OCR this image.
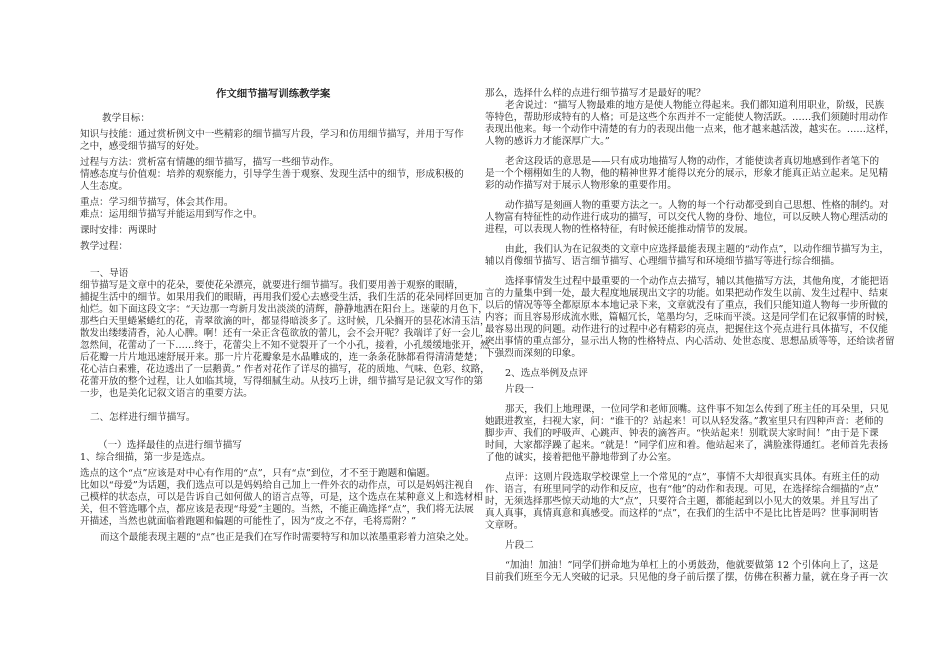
教学目标：
知识与技能：通过赏析例文中一些精彩的细节描写片段，学习和仿用细节描写，并用于写作
之中，感受细节描写的好处。
过程与方法：赏析富有情趣的细节描写，描写一些细节动作。
情感态度与价值观：培养的观察能力，引导学生善于观察、发现生活中的细节，形成积极的
人生态度。
重点：学习细节描写，体会其作用。
难点：运用细节描写并能运用到写作之中。
课时安排：两课时
教学过程：
一、导语
细节描写是文章中的花朵，要使花朵漂亮，就要进行细节描写。我们要用善于观察的眼睛，
捕捉生活中的细节。如果用我们的眼睛，再用我们爱心去感受生活，我们生活的花朵同样回更加
灿烂。如下面这段文字：“天边那一弯新月发出淡淡的清辉，静静地洒在阳台上。迷蒙的月色下，
那些白天里蜷紧蜷红的花，青翠欲滴的叶，都显得暗淡多了。这时候，几朵搁开的昙花冰清玉洁，
散发出缕缕清香，沁人心脾。啊！还有一朵正含苞欲放的蕾儿，会不会开呢？我端详了好一会儿，
忽然间，花蕾动了一下……终于，花蕾尖上不知不觉裂开了一个小孔，接着，小孔缓缓地张开，然
后花瓣一片片地迅速舒展开来。那一片片花瓣象是水晶雕成的，连一条条花脉都看得清清楚楚；
花心洁白素雅，花边透出了一层鹅黄。” 作者对花作了详尽的描写，花的质地、气味、色彩、纹路，
花蕾开放的整个过程，让人如临其境，写得细腻生动。从技巧上讲，细节描写是记叙文写作的第
一步，也是美化记叙文语言的重要方法。
二、怎样进行细节描写。
（一）选择最佳的点进行细节描写
1、综合细描，第一步是选点。
选点的这个“点”应该是对中心有作用的“点”，只有“点”到位，才不至于跑题和偏题。
比如以“母爱”为话题，我们选点可以是妈妈给自己加上一件外衣的动作点，可以是妈妈注视自
己模样的状态点，可以是告诉自己如何做人的语言点等，可是，这个选点在某种意义上和选材相
关，但不管选哪个点，都应该是表现“母爱”主题的。当然，不能正确选择“点”，我们将无法展
开描述，当然也就面临着跑题和偏题的可能性了，因为“皮之不存，毛将焉附？”
而这个最能表现主题的“点”也正是我们在写作时需要特写和加以浓墨重彩着力渲染之处。
作文细节描写训练教学案	那么，选择什么样的点进行细节描写才是最好的呢？
老舍说过：“描写人物最难的地方是使人物能立得起来。我们都知道利用职业，阶级，民族
等特色，帮助形成特有的人格；可是这些个东西并不一定能使人物活跃。……我们须随时用动作
表现出他来。每一个动作中清楚的有力的表现出他一点来，他才越来越活泼，越实在。……这样，
人物的感诉力才能深厚广大。”
老舍这段话的意思是——只有成功地描写人物的动作，才能使读者真切地感到作者笔下的
是一个个栩栩如生的人物，他的精神世界才能得以充分的展示，形象才能真正站立起来。足见精
彩的动作描写对于展示人物形象的重要作用。
动作描写是刻画人物的重要方法之一。人物的每一个行动都受到自己思想、性格的制约。对
人物富有特征性的动作进行成功的描写，可以交代人物的身份、地位，可以反映人物心理活动的
进程，可以表现人物的性格特征，有时候还能推动情节的发展。
由此，我们认为在记叙类的文章中应选择最能表现主题的“动作点”，以动作细节描写为主，
辅以肖像细节描写、语言细节描写、心理细节描写和环境细节描写等进行综合细描。
选择事情发生过程中最重要的一个动作点去描写，辅以其他描写方法，其他角度，才能把语
言的力量集中到一处，最大程度地展现出文字的功能。如果把动作发生以前、发生过程中、结束
以后的情况等等全都原原本本地记录下来，文章就没有了重点，我们只能知道人物每一步所做的
内容；而且容易形成流水账，篇幅冗长，笔墨均匀，乏味而平淡。这是同学们在记叙事情的时候，
最容易出现的问题。动作进行的过程中必有精彩的亮点，把握住这个亮点进行具体描写，不仅能
突出事情的重点部分，显示出人物的性格特点、内心活动、处世态度、思想品质等等，还给读者留
下强烈而深刻的印象。
2、选点举例及点评
片段一
那天，我们上地理课，一位同学和老师顶嘴。这件事不知怎么传到了班主任的耳朵里，只见
她跟进教室，扫视大家，问：“谁干的？站起来！可以从轻发落。”教室里只有四种声音：老师的
脚步声、我们的呼吸声、心跳声、钟表的滴答声。“快站起来！别耽误大家时间！”由于是下课
时间，大家都浮躁了起来。“就是！”同学们应和着。他站起来了，满脸涨得通红。老师首先表扬
了他的诚实，接着把他平静地带到了办公室。
点评：这则片段选取学校课堂上一个常见的“点”，事情不大却很真实具体。有班主任的动
作、语言，有班里同学的动作和反应，也有“他”的动作和表现。可见，在选择综合细描的“点”
时，无须选择那些惊天动地的大“点”，只要符合主题，都能起到以小见大的效果。并且写出了
真人真事，真情真意和真感受。而这样的“点”，在我们的生活中不是比比皆是吗？世事洞明皆
文章呀。
片段二
“加油！加油！”同学们拼命地为单杠上的小勇鼓劲，他就要做第 12 个引体向上了，这是
目前我们班至今无人突破的记录。只见他的身子前后摆了摆，仿佛在积蓄力量，就在身子再一次
